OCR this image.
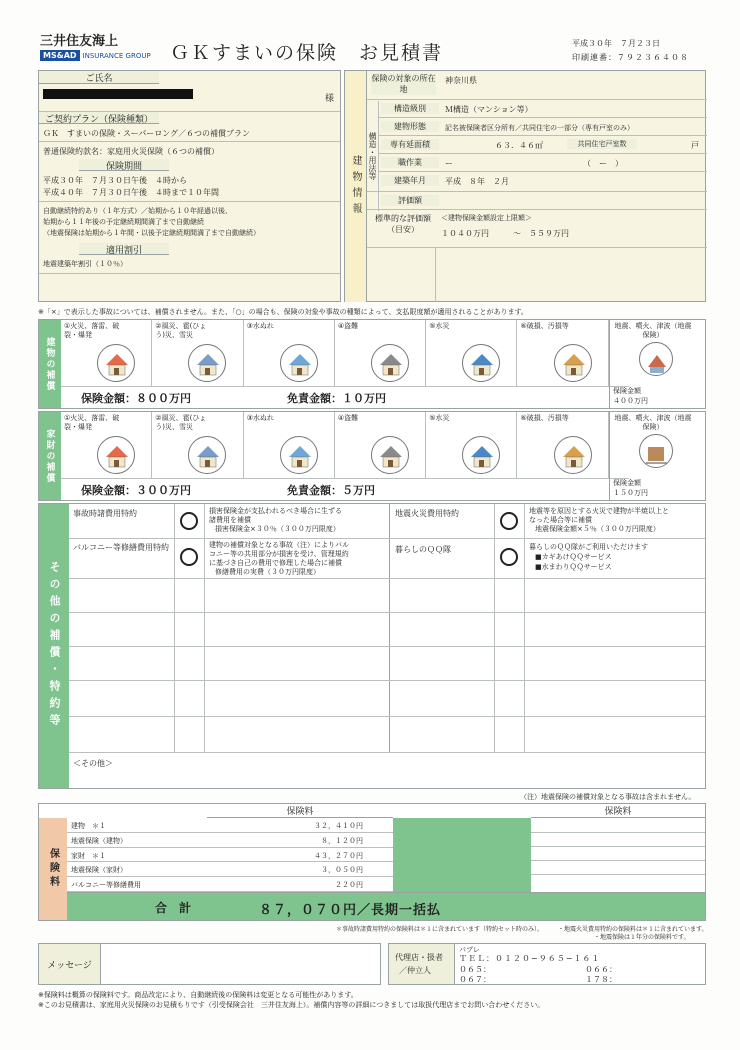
三井住友海上
MS&AD INSURANCE GROUP ＧＫすまいの保険　お見積書	平成３０年　７月２３日
印刷連番：７９２３６４０８
ご氏名
様
ご契約プラン（保険種類）
ＧＫ　すまいの保険・スーパーロング／６つの補償プラン
普通保険約款名：家庭用火災保険（６つの補償）
保険期間
平成３０年　７月３０日午後　４時から
平成４０年　７月３０日午後　４時まで１０年間
自動継続特約あり（１年方式）／始期から１０年経過以後、
始期から１１年後の予定継続期間満了まで自動継続
（地震保険は始期から１年間・以後予定継続期間満了まで自動継続）
適用割引
地震建築年割引（１０％）
建物情報 構造・用法等
保険の対象の所在地
神奈川県
構造級別	Ｍ構造（マンション等）
建物形態	記名被保険者区分所有／共同住宅の一部分（専有戸室のみ）
専有延面積	６３．４６㎡	共同住宅戸室数	戸
職作業	ー	（　ー　）
建築年月	平成　８年　２月
評価額
標準的な評価額（目安）
＜建物保険金額設定上限額＞
１０４０万円　　　〜　５５９万円
※「×」で表示した事故については、補償されません。また、「○」の場合も、保険の対象や事故の種類によって、支払限度額が適用されることがあります。
建物の補償
保険金額：８００万円	免責金額：１０万円
地震、噴火、津波（地震保険）
保険金額
４００万円
①火災、落雷、破裂・爆発
②風災、雹(ひょう)災、雪災
③水ぬれ	④盗難	⑤水災	⑥破損、汚損等
家財の補償
保険金額：３００万円	免責金額：５万円
地震、噴火、津波（地震保険）
保険金額
１５０万円
①火災、落雷、破裂・爆発
②風災、雹(ひょう)災、雪災
③水ぬれ	④盗難	⑤水災	⑥破損、汚損等
その他の補償・特約等
事故時諸費用特約	損害保険金が支払われるべき場合に生ずる
諸費用を補償
損害保険金×３０％（３００万円限度）
バルコニー等修繕費用特約	建物の補償対象となる事故（注）によりバル
コニー等の共用部分が損害を受け、管理規約
に基づき自己の費用で修理した場合に補償
修繕費用の実費（３０万円限度）
地震火災費用特約	地震等を原因とする火災で建物が半焼以上と
なった場合等に補償
地震保険金額×５％（３００万円限度）
暮らしのＱＱ隊	暮らしのＱＱ隊がご利用いただけます
■カギあけＱＱサービス
■水まわりＱＱサービス
＜その他＞
（注）地震保険の補償対象となる事故は含まれません。
保険料
保険料	保険料
建物　＊１	３２，４１０円
地震保険（建物）	８，１２０円
家財　＊１	４３，２７０円
地震保険（家財）	３，０５０円
バルコニー等修繕費用	２２０円
合　計	８７，０７０円／長期一括払
＊事故時諸費用特約の保険料は＊１に含まれています（特約セット時のみ）。 ・地震火災費用特約の保険料は＊１に含まれています。
・地震保険は１年分の保険料です。
メッセージ
代理店・扱者
／仲立人
パプレ
ＴＥＬ：０１２０−９６５−１６１
０６５：	０６６：
０６７：	１７８：
※保険料は概算の保険料です。商品改定により、自動継続後の保険料は変更となる可能性があります。
※このお見積書は、家庭用火災保険のお見積もりです（引受保険会社　三井住友海上）。補償内容等の詳細につきましては取扱代理店までお問い合わせください。
